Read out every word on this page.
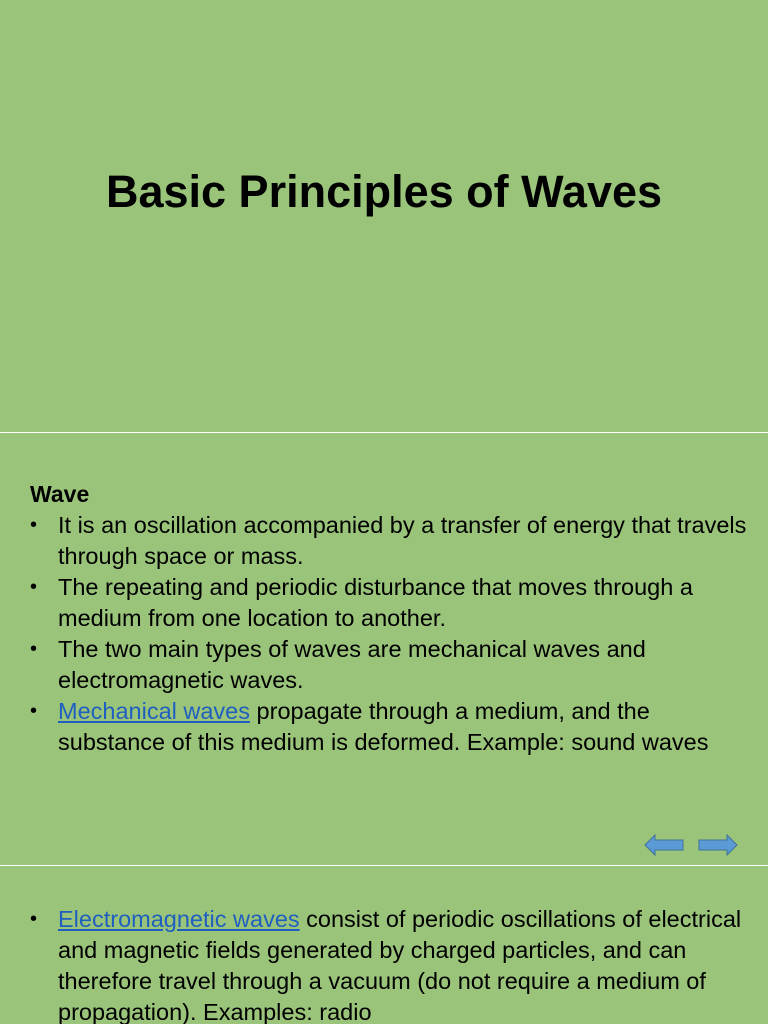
Basic Principles of Waves

Wave

• It is an oscillation accompanied by a transfer of energy that travels through space or mass.
• The repeating and periodic disturbance that moves through a medium from one location to another.
• The two main types of waves are mechanical waves and electromagnetic waves.
• Mechanical waves propagate through a medium, and the substance of this medium is deformed. Example: sound waves
• Electromagnetic waves consist of periodic oscillations of electrical and magnetic fields generated by charged particles, and can therefore travel through a vacuum (do not require a medium of propagation). Examples: radio
